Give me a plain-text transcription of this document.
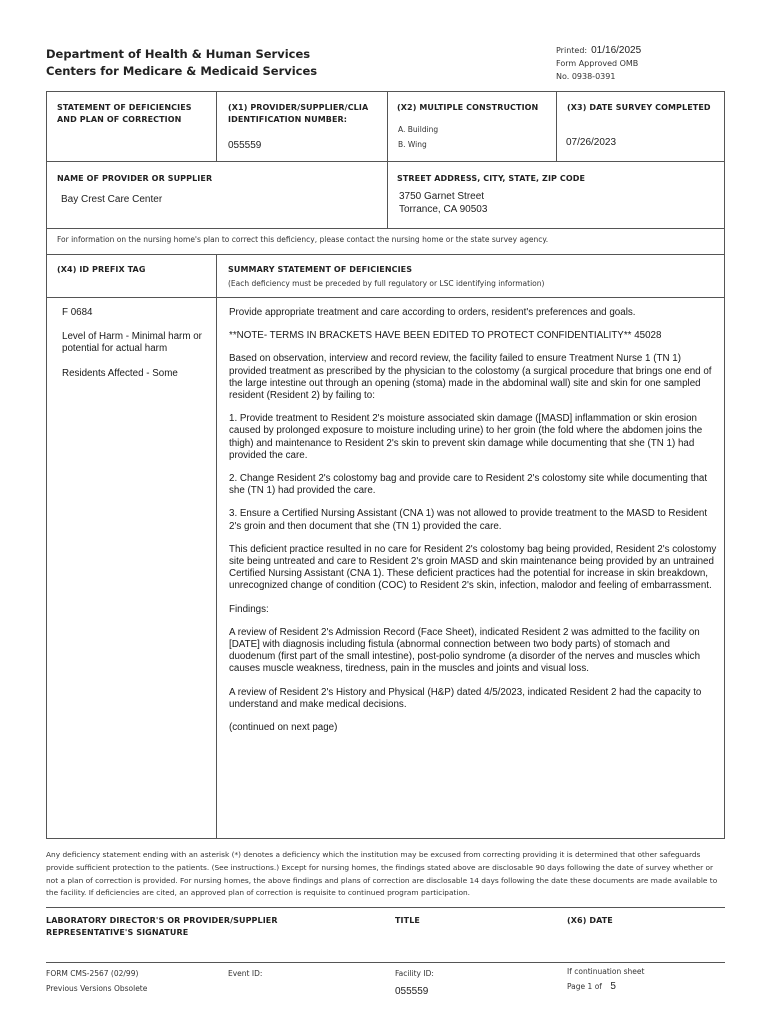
Department of Health & Human Services
Centers for Medicare & Medicaid Services
Printed: 01/16/2025
Form Approved OMB
No. 0938-0391
STATEMENT OF DEFICIENCIES AND PLAN OF CORRECTION
(X1) PROVIDER/SUPPLIER/CLIA IDENTIFICATION NUMBER:
055559
(X2) MULTIPLE CONSTRUCTION
A. Building
B. Wing
(X3) DATE SURVEY COMPLETED
07/26/2023
NAME OF PROVIDER OR SUPPLIER
Bay Crest Care Center
STREET ADDRESS, CITY, STATE, ZIP CODE
3750 Garnet Street
Torrance, CA 90503
For information on the nursing home's plan to correct this deficiency, please contact the nursing home or the state survey agency.
(X4) ID PREFIX TAG	SUMMARY STATEMENT OF DEFICIENCIES
(Each deficiency must be preceded by full regulatory or LSC identifying information)

F 0684

Level of Harm - Minimal harm or potential for actual harm

Residents Affected - Some

Provide appropriate treatment and care according to orders, resident's preferences and goals.

**NOTE- TERMS IN BRACKETS HAVE BEEN EDITED TO PROTECT CONFIDENTIALITY** 45028

Based on observation, interview and record review, the facility failed to ensure Treatment Nurse 1 (TN 1) provided treatment as prescribed by the physician to the colostomy (a surgical procedure that brings one end of the large intestine out through an opening (stoma) made in the abdominal wall) site and skin for one sampled resident (Resident 2) by failing to:

1. Provide treatment to Resident 2's moisture associated skin damage ([MASD] inflammation or skin erosion caused by prolonged exposure to moisture including urine) to her groin (the fold where the abdomen joins the thigh) and maintenance to Resident 2's skin to prevent skin damage while documenting that she (TN 1) had provided the care.

2. Change Resident 2's colostomy bag and provide care to Resident 2's colostomy site while documenting that she (TN 1) had provided the care.

3. Ensure a Certified Nursing Assistant (CNA 1) was not allowed to provide treatment to the MASD to Resident 2's groin and then document that she (TN 1) provided the care.

This deficient practice resulted in no care for Resident 2's colostomy bag being provided, Resident 2's colostomy site being untreated and care to Resident 2's groin MASD and skin maintenance being provided by an untrained Certified Nursing Assistant (CNA 1). These deficient practices had the potential for increase in skin breakdown, unrecognized change of condition (COC) to Resident 2's skin, infection, malodor and feeling of embarrassment.

Findings:

A review of Resident 2's Admission Record (Face Sheet), indicated Resident 2 was admitted to the facility on [DATE] with diagnosis including fistula (abnormal connection between two body parts) of stomach and duodenum (first part of the small intestine), post-polio syndrome (a disorder of the nerves and muscles which causes muscle weakness, tiredness, pain in the muscles and joints and visual loss.

A review of Resident 2's History and Physical (H&P) dated 4/5/2023, indicated Resident 2 had the capacity to understand and make medical decisions.

(continued on next page)

Any deficiency statement ending with an asterisk (*) denotes a deficiency which the institution may be excused from correcting providing it is determined that other safeguards provide sufficient protection to the patients. (See instructions.) Except for nursing homes, the findings stated above are disclosable 90 days following the date of survey whether or not a plan of correction is provided. For nursing homes, the above findings and plans of correction are disclosable 14 days following the date these documents are made available to the facility. If deficiencies are cited, an approved plan of correction is requisite to continued program participation.
LABORATORY DIRECTOR'S OR PROVIDER/SUPPLIER REPRESENTATIVE'S SIGNATURE
TITLE	(X6) DATE
FORM CMS-2567 (02/99)
Previous Versions Obsolete
Event ID:	Facility ID:
055559
If continuation sheet
Page 1 of 5
